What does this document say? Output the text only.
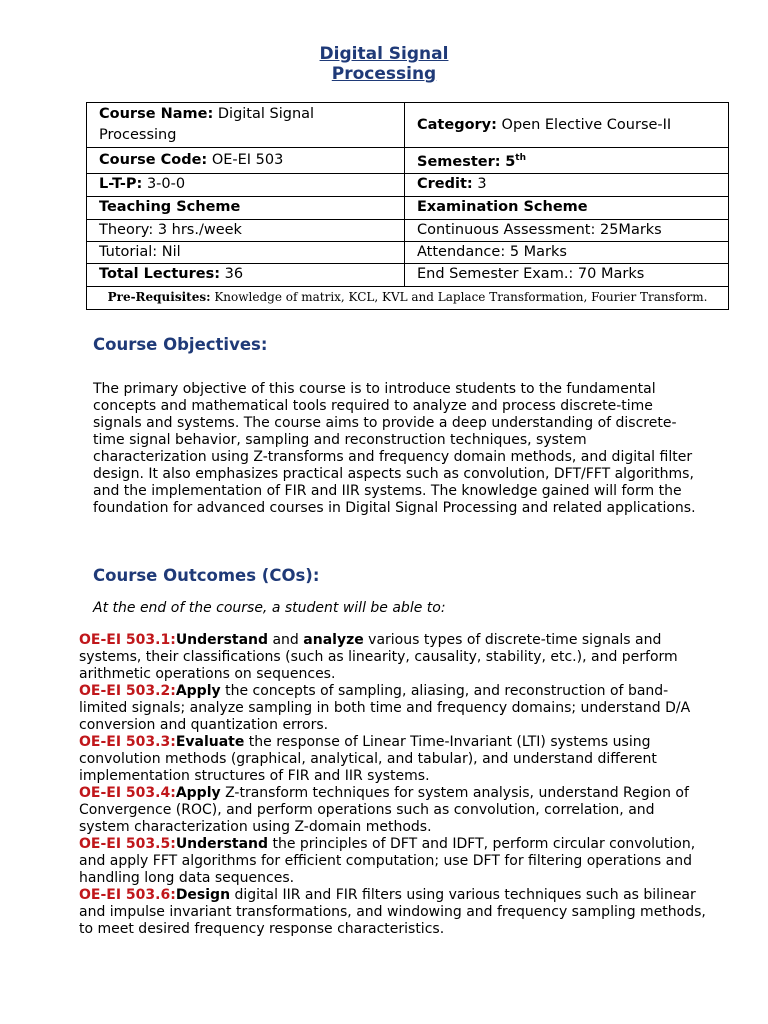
Digital Signal
Processing
Course Name: Digital Signal Processing	Category: Open Elective Course-II
Course Code: OE-EI 503	Semester: 5th
L-T-P: 3-0-0	Credit: 3
Teaching Scheme	Examination Scheme
Theory: 3 hrs./week	Continuous Assessment: 25Marks
Tutorial: Nil	Attendance: 5 Marks
Total Lectures: 36	End Semester Exam.: 70 Marks
Pre-Requisites: Knowledge of matrix, KCL, KVL and Laplace Transformation, Fourier Transform.	
Course Objectives:
The primary objective of this course is to introduce students to the fundamental concepts and mathematical tools required to analyze and process discrete-time signals and systems. The course aims to provide a deep understanding of discrete-time signal behavior, sampling and reconstruction techniques, system characterization using Z-transforms and frequency domain methods, and digital filter design. It also emphasizes practical aspects such as convolution, DFT/FFT algorithms, and the implementation of FIR and IIR systems. The knowledge gained will form the foundation for advanced courses in Digital Signal Processing and related applications.
Course Outcomes (COs):
At the end of the course, a student will be able to:

OE-EI 503.1:Understand and analyze various types of discrete-time signals and systems, their classifications (such as linearity, causality, stability, etc.), and perform arithmetic operations on sequences.

OE-EI 503.2:Apply the concepts of sampling, aliasing, and reconstruction of band-limited signals; analyze sampling in both time and frequency domains; understand D/A conversion and quantization errors.

OE-EI 503.3:Evaluate the response of Linear Time-Invariant (LTI) systems using convolution methods (graphical, analytical, and tabular), and understand different implementation structures of FIR and IIR systems.

OE-EI 503.4:Apply Z-transform techniques for system analysis, understand Region of Convergence (ROC), and perform operations such as convolution, correlation, and system characterization using Z-domain methods.

OE-EI 503.5:Understand the principles of DFT and IDFT, perform circular convolution, and apply FFT algorithms for efficient computation; use DFT for filtering operations and handling long data sequences.

OE-EI 503.6:Design digital IIR and FIR filters using various techniques such as bilinear and impulse invariant transformations, and windowing and frequency sampling methods, to meet desired frequency response characteristics.
